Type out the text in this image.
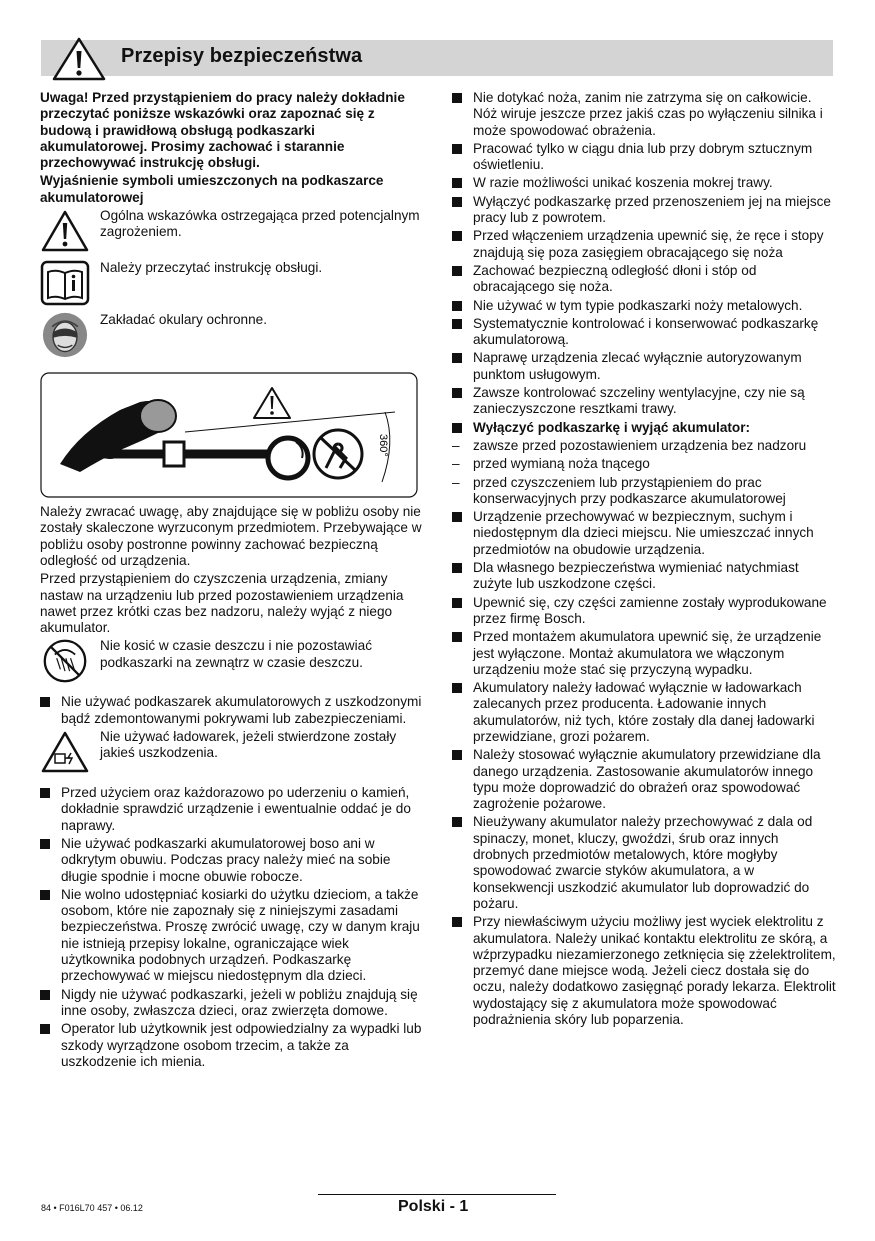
Przepisy bezpieczeństwa

Uwaga! Przed przystąpieniem do pracy należy dokładnie przeczytać poniższe wskazówki oraz zapoznać się z budową i prawidłową obsługą podkaszarki akumulatorowej. Prosimy zachować i starannie przechowywać instrukcję obsługi.

Wyjaśnienie symboli umieszczonych na podkaszarce akumulatorowej

Ogólna wskazówka ostrzegająca przed potencjalnym zagrożeniem.
Należy przeczytać instrukcję obsługi.
Zakładać okulary ochronne.
360°

Należy zwracać uwagę, aby znajdujące się w pobliżu osoby nie zostały skaleczone wyrzuconym przedmiotem. Przebywające w pobliżu osoby postronne powinny zachować bezpieczną odległość od urządzenia.

Przed przystąpieniem do czyszczenia urządzenia, zmiany nastaw na urządzeniu lub przed pozostawieniem urządzenia nawet przez krótki czas bez nadzoru, należy wyjąć z niego akumulator.

Nie kosić w czasie deszczu i nie pozostawiać podkaszarki na zewnątrz w czasie deszczu.
Nie używać podkaszarek akumulatorowych z uszkodzonymi bądź zdemontowanymi pokrywami lub zabezpieczeniami.
Nie używać ładowarek, jeżeli stwierdzone zostały jakieś uszkodzenia.
Przed użyciem oraz każdorazowo po uderzeniu o kamień, dokładnie sprawdzić urządzenie i ewentualnie oddać je do naprawy.
Nie używać podkaszarki akumulatorowej boso ani w odkrytym obuwiu. Podczas pracy należy mieć na sobie długie spodnie i mocne obuwie robocze.
Nie wolno udostępniać kosiarki do użytku dzieciom, a także osobom, które nie zapoznały się z niniejszymi zasadami bezpieczeństwa. Proszę zwrócić uwagę, czy w danym kraju nie istnieją przepisy lokalne, ograniczające wiek użytkownika podobnych urządzeń. Podkaszarkę przechowywać w miejscu niedostępnym dla dzieci.
Nigdy nie używać podkaszarki, jeżeli w pobliżu znajdują się inne osoby, zwłaszcza dzieci, oraz zwierzęta domowe.
Operator lub użytkownik jest odpowiedzialny za wypadki lub szkody wyrządzone osobom trzecim, a także za uszkodzenie ich mienia.
Nie dotykać noża, zanim nie zatrzyma się on całkowicie. Nóż wiruje jeszcze przez jakiś czas po wyłączeniu silnika i może spowodować obrażenia.
Pracować tylko w ciągu dnia lub przy dobrym sztucznym oświetleniu.
W razie możliwości unikać koszenia mokrej trawy.
Wyłączyć podkaszarkę przed przenoszeniem jej na miejsce pracy lub z powrotem.
Przed włączeniem urządzenia upewnić się, że ręce i stopy znajdują się poza zasięgiem obracającego się noża
Zachować bezpieczną odległość dłoni i stóp od obracającego się noża.
Nie używać w tym typie podkaszarki noży metalowych.
Systematycznie kontrolować i konserwować podkaszarkę akumulatorową.
Naprawę urządzenia zlecać wyłącznie autoryzowanym punktom usługowym.
Zawsze kontrolować szczeliny wentylacyjne, czy nie są zanieczyszczone resztkami trawy.
Wyłączyć podkaszarkę i wyjąć akumulator:
–
zawsze przed pozostawieniem urządzenia bez nadzoru
–
przed wymianą noża tnącego
–
przed czyszczeniem lub przystąpieniem do prac konserwacyjnych przy podkaszarce akumulatorowej
Urządzenie przechowywać w bezpiecznym, suchym i niedostępnym dla dzieci miejscu. Nie umieszczać innych przedmiotów na obudowie urządzenia.
Dla własnego bezpieczeństwa wymieniać natychmiast zużyte lub uszkodzone części.
Upewnić się, czy części zamienne zostały wyprodukowane przez firmę Bosch.
Przed montażem akumulatora upewnić się, że urządzenie jest wyłączone. Montaż akumulatora we włączonym urządzeniu może stać się przyczyną wypadku.
Akumulatory należy ładować wyłącznie w ładowarkach zalecanych przez producenta. Ładowanie innych akumulatorów, niż tych, które zostały dla danej ładowarki przewidziane, grozi pożarem.
Należy stosować wyłącznie akumulatory przewidziane dla danego urządzenia. Zastosowanie akumulatorów innego typu może doprowadzić do obrażeń oraz spowodować zagrożenie pożarowe.
Nieużywany akumulator należy przechowywać z dala od spinaczy, monet, kluczy, gwoździ, śrub oraz innych drobnych przedmiotów metalowych, które mogłyby spowodować zwarcie styków akumulatora, a w konsekwencji uszkodzić akumulator lub doprowadzić do pożaru.
Przy niewłaściwym użyciu możliwy jest wyciek elektrolitu z akumulatora. Należy unikać kontaktu elektrolitu ze skórą, a wźprzypadku niezamierzonego zetknięcia się zżelektrolitem, przemyć dane miejsce wodą. Jeżeli ciecz dostała się do oczu, należy dodatkowo zasięgnąć porady lekarza. Elektrolit wydostający się z akumulatora może spowodować podrażnienia skóry lub poparzenia.
84 • F016L70 457 • 06.12	Polski - 1
